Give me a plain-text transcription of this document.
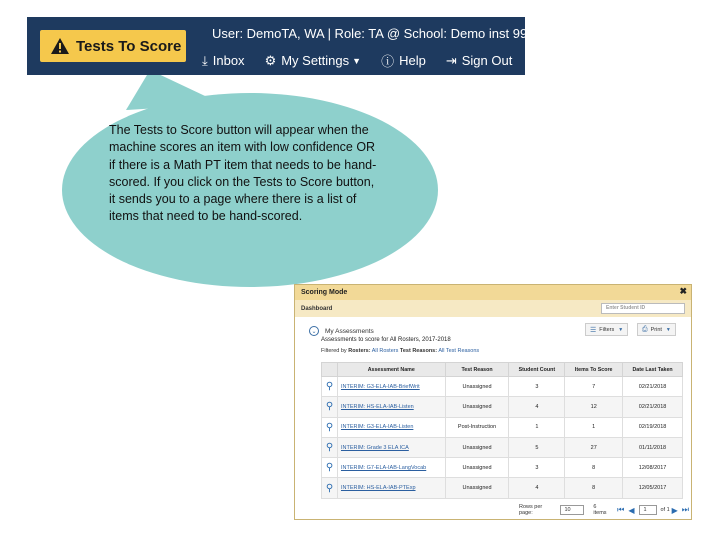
Tests To Score
User: DemoTA, WA | Role: TA @ School: Demo inst 9999
⤓ Inbox ⚙ My Settings ▼ ⓘ Help ⇥ Sign Out
The Tests to Score button will appear when the machine scores an item with low confidence OR if there is a Math PT item that needs to be hand-scored. If you click on the Tests to Score button, it sends you to a page where there is a list of items that need to be hand-scored.
Scoring Mode	✖
Dashboard	Enter Student ID
⌄	My Assessments
Assessments to score for All Rosters, 2017-2018
Filtered by Rosters: All Rosters Test Reasons: All Test Reasons
☰ Filters ▼	⎙ Print ▼
	Assessment Name	Test Reason	Student Count	Items To Score	Date Last Taken
⚲	INTERIM: G3-ELA-IAB-BriefWrit	Unassigned	3	7	02/21/2018
⚲	INTERIM: HS-ELA-IAB-Listen	Unassigned	4	12	02/21/2018
⚲	INTERIM: G3-ELA-IAB-Listen	Post-Instruction	1	1	02/19/2018
⚲	INTERIM: Grade 3 ELA ICA	Unassigned	5	27	01/11/2018
⚲	INTERIM: G7-ELA-IAB-LangVocab	Unassigned	3	8	12/08/2017
⚲	INTERIM: HS-ELA-IAB-PTExp	Unassigned	4	8	12/05/2017
Rows per page:	10	6 items	⏮ ◀	1	of 1 ▶ ⏭
